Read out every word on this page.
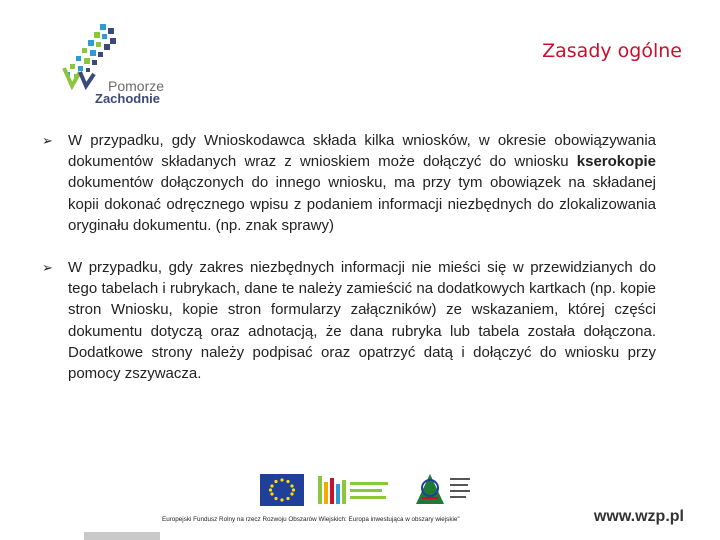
Pomorze
Zachodnie
Zasady ogólne
➢ W przypadku, gdy Wnioskodawca składa kilka wniosków, w okresie obowiązywania dokumentów składanych wraz z wnioskiem może dołączyć do wniosku kserokopie dokumentów dołączonych do innego wniosku, ma przy tym obowiązek na składanej kopii dokonać odręcznego wpisu z podaniem informacji niezbędnych do zlokalizowania oryginału dokumentu. (np. znak sprawy)
➢ W przypadku, gdy zakres niezbędnych informacji nie mieści się w przewidzianych do tego tabelach i rubrykach, dane te należy zamieścić na dodatkowych kartkach (np. kopie stron Wniosku, kopie stron formularzy załączników) ze wskazaniem, której części dokumentu dotyczą oraz adnotacją, że dana rubryka lub tabela została dołączona. Dodatkowe strony należy podpisać oraz opatrzyć datą i dołączyć do wniosku przy pomocy zszywacza.
Europejski Fundusz Rolny na rzecz Rozwoju Obszarów Wiejskich: Europa inwestująca w obszary wiejskie"	www.wzp.pl
